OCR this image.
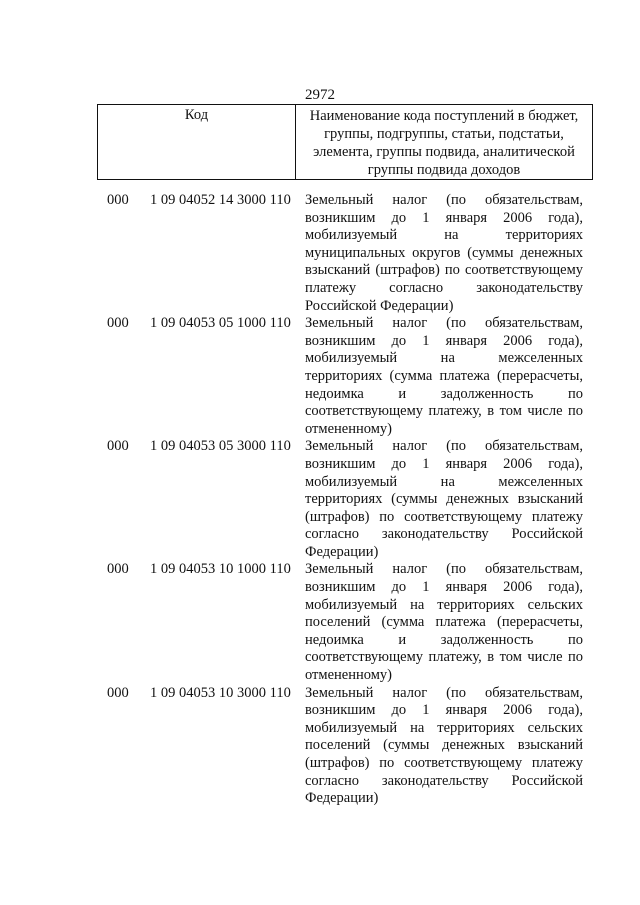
2972
Код	Наименование кода поступлений в бюджет, группы, подгруппы, статьи, подстатьи, элемента, группы подвида, аналитической группы подвида доходов
000 1 09 04052 14 3000 110 Земельный налог (по обязательствам, возникшим до 1 января 2006 года), мобилизуемый на территориях муниципальных округов (суммы денежных взысканий (штрафов) по соответствующему платежу согласно законодательству Российской Федерации)
000 1 09 04053 05 1000 110 Земельный налог (по обязательствам, возникшим до 1 января 2006 года), мобилизуемый на межселенных территориях (сумма платежа (перерасчеты, недоимка и задолженность по соответствующему платежу, в том числе по отмененному)
000 1 09 04053 05 3000 110 Земельный налог (по обязательствам, возникшим до 1 января 2006 года), мобилизуемый на межселенных территориях (суммы денежных взысканий (штрафов) по соответствующему платежу согласно законодательству Российской Федерации)
000 1 09 04053 10 1000 110 Земельный налог (по обязательствам, возникшим до 1 января 2006 года), мобилизуемый на территориях сельских поселений (сумма платежа (перерасчеты, недоимка и задолженность по соответствующему платежу, в том числе по отмененному)
000 1 09 04053 10 3000 110 Земельный налог (по обязательствам, возникшим до 1 января 2006 года), мобилизуемый на территориях сельских поселений (суммы денежных взысканий (штрафов) по соответствующему платежу согласно законодательству Российской Федерации)
